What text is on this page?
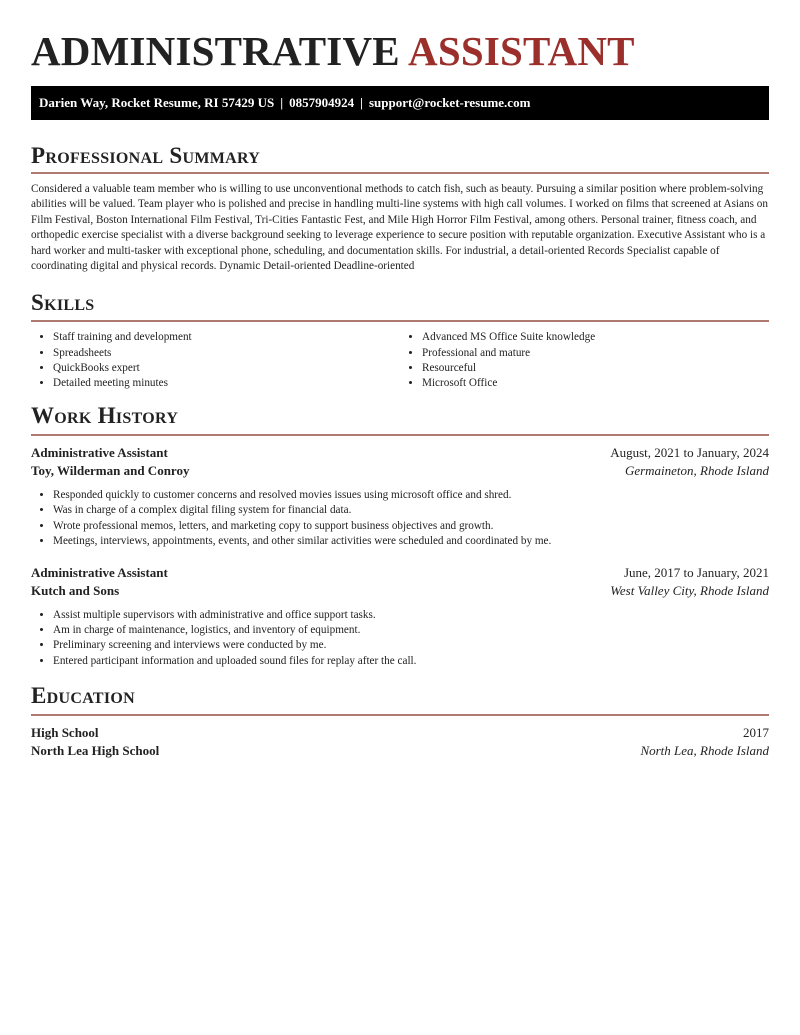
ADMINISTRATIVE ASSISTANT
Darien Way, Rocket Resume, RI 57429 US | 0857904924 | support@rocket-resume.com
Professional Summary

Considered a valuable team member who is willing to use unconventional methods to catch fish, such as beauty. Pursuing a similar position where problem-solving abilities will be valued. Team player who is polished and precise in handling multi-line systems with high call volumes. I worked on films that screened at Asians on Film Festival, Boston International Film Festival, Tri-Cities Fantastic Fest, and Mile High Horror Film Festival, among others. Personal trainer, fitness coach, and orthopedic exercise specialist with a diverse background seeking to leverage experience to secure position with reputable organization. Executive Assistant who is a hard worker and multi-tasker with exceptional phone, scheduling, and documentation skills. For industrial, a detail-oriented Records Specialist capable of coordinating digital and physical records. Dynamic Detail-oriented Deadline-oriented

Skills
• Staff training and development
• Spreadsheets
• QuickBooks expert
• Detailed meeting minutes
• Advanced MS Office Suite knowledge
• Professional and mature
• Resourceful
• Microsoft Office
Work History
Administrative Assistant	August, 2021 to January, 2024
Toy, Wilderman and Conroy	Germaineton, Rhode Island
• Responded quickly to customer concerns and resolved movies issues using microsoft office and shred.
• Was in charge of a complex digital filing system for financial data.
• Wrote professional memos, letters, and marketing copy to support business objectives and growth.
• Meetings, interviews, appointments, events, and other similar activities were scheduled and coordinated by me.
Administrative Assistant	June, 2017 to January, 2021
Kutch and Sons	West Valley City, Rhode Island
• Assist multiple supervisors with administrative and office support tasks.
• Am in charge of maintenance, logistics, and inventory of equipment.
• Preliminary screening and interviews were conducted by me.
• Entered participant information and uploaded sound files for replay after the call.
Education
High School	2017
North Lea High School	North Lea, Rhode Island
